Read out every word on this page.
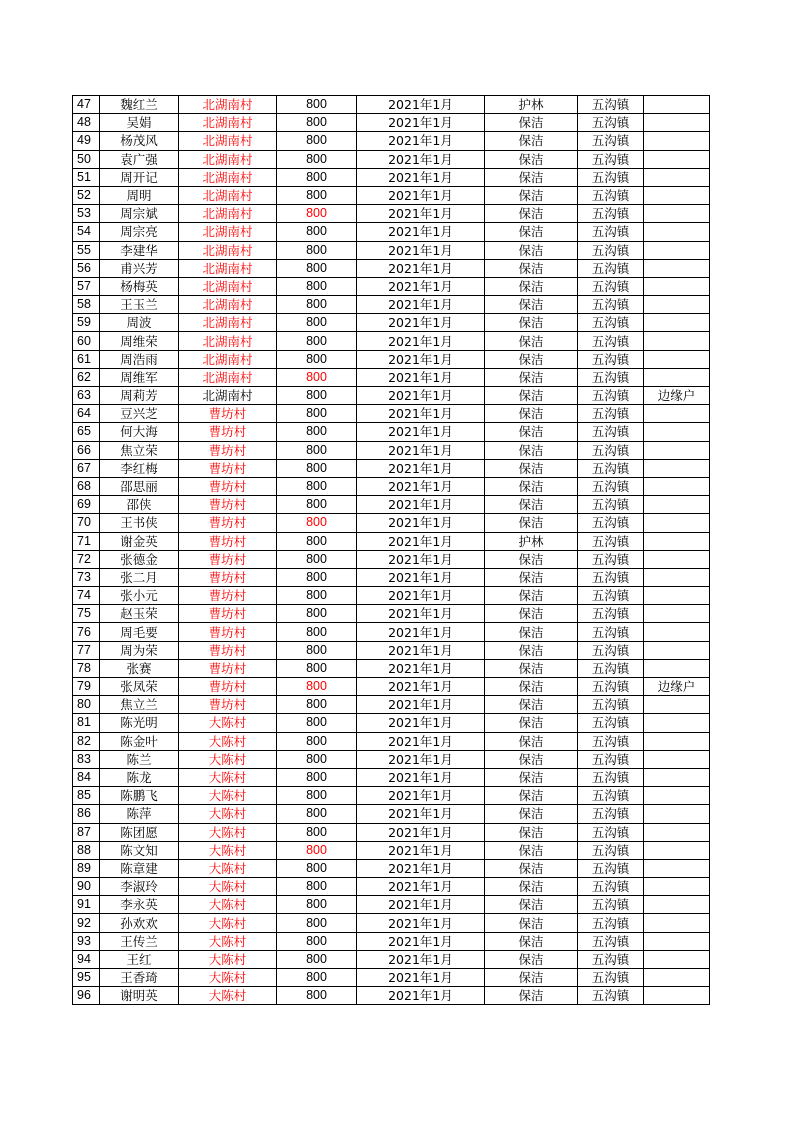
47	魏红兰	北湖南村	800	2021年1月	护林	五沟镇	
48	吴娟	北湖南村	800	2021年1月	保洁	五沟镇	
49	杨茂风	北湖南村	800	2021年1月	保洁	五沟镇	
50	袁广强	北湖南村	800	2021年1月	保洁	五沟镇	
51	周开记	北湖南村	800	2021年1月	保洁	五沟镇	
52	周明	北湖南村	800	2021年1月	保洁	五沟镇	
53	周宗斌	北湖南村	800	2021年1月	保洁	五沟镇	
54	周宗亮	北湖南村	800	2021年1月	保洁	五沟镇	
55	李建华	北湖南村	800	2021年1月	保洁	五沟镇	
56	甫兴芳	北湖南村	800	2021年1月	保洁	五沟镇	
57	杨梅英	北湖南村	800	2021年1月	保洁	五沟镇	
58	王玉兰	北湖南村	800	2021年1月	保洁	五沟镇	
59	周波	北湖南村	800	2021年1月	保洁	五沟镇	
60	周维荣	北湖南村	800	2021年1月	保洁	五沟镇	
61	周浩雨	北湖南村	800	2021年1月	保洁	五沟镇	
62	周维军	北湖南村	800	2021年1月	保洁	五沟镇	
63	周莉芳	北湖南村	800	2021年1月	保洁	五沟镇	边缘户
64	豆兴芝	曹坊村	800	2021年1月	保洁	五沟镇	
65	何大海	曹坊村	800	2021年1月	保洁	五沟镇	
66	焦立荣	曹坊村	800	2021年1月	保洁	五沟镇	
67	李红梅	曹坊村	800	2021年1月	保洁	五沟镇	
68	邵思丽	曹坊村	800	2021年1月	保洁	五沟镇	
69	邵侠	曹坊村	800	2021年1月	保洁	五沟镇	
70	王书侠	曹坊村	800	2021年1月	保洁	五沟镇	
71	谢金英	曹坊村	800	2021年1月	护林	五沟镇	
72	张德金	曹坊村	800	2021年1月	保洁	五沟镇	
73	张二月	曹坊村	800	2021年1月	保洁	五沟镇	
74	张小元	曹坊村	800	2021年1月	保洁	五沟镇	
75	赵玉荣	曹坊村	800	2021年1月	保洁	五沟镇	
76	周毛要	曹坊村	800	2021年1月	保洁	五沟镇	
77	周为荣	曹坊村	800	2021年1月	保洁	五沟镇	
78	张赛	曹坊村	800	2021年1月	保洁	五沟镇	
79	张凤荣	曹坊村	800	2021年1月	保洁	五沟镇	边缘户
80	焦立兰	曹坊村	800	2021年1月	保洁	五沟镇	
81	陈光明	大陈村	800	2021年1月	保洁	五沟镇	
82	陈金叶	大陈村	800	2021年1月	保洁	五沟镇	
83	陈兰	大陈村	800	2021年1月	保洁	五沟镇	
84	陈龙	大陈村	800	2021年1月	保洁	五沟镇	
85	陈鹏飞	大陈村	800	2021年1月	保洁	五沟镇	
86	陈萍	大陈村	800	2021年1月	保洁	五沟镇	
87	陈团愿	大陈村	800	2021年1月	保洁	五沟镇	
88	陈文知	大陈村	800	2021年1月	保洁	五沟镇	
89	陈章建	大陈村	800	2021年1月	保洁	五沟镇	
90	李淑玲	大陈村	800	2021年1月	保洁	五沟镇	
91	李永英	大陈村	800	2021年1月	保洁	五沟镇	
92	孙欢欢	大陈村	800	2021年1月	保洁	五沟镇	
93	王传兰	大陈村	800	2021年1月	保洁	五沟镇	
94	王红	大陈村	800	2021年1月	保洁	五沟镇	
95	王香琦	大陈村	800	2021年1月	保洁	五沟镇	
96	谢明英	大陈村	800	2021年1月	保洁	五沟镇	
